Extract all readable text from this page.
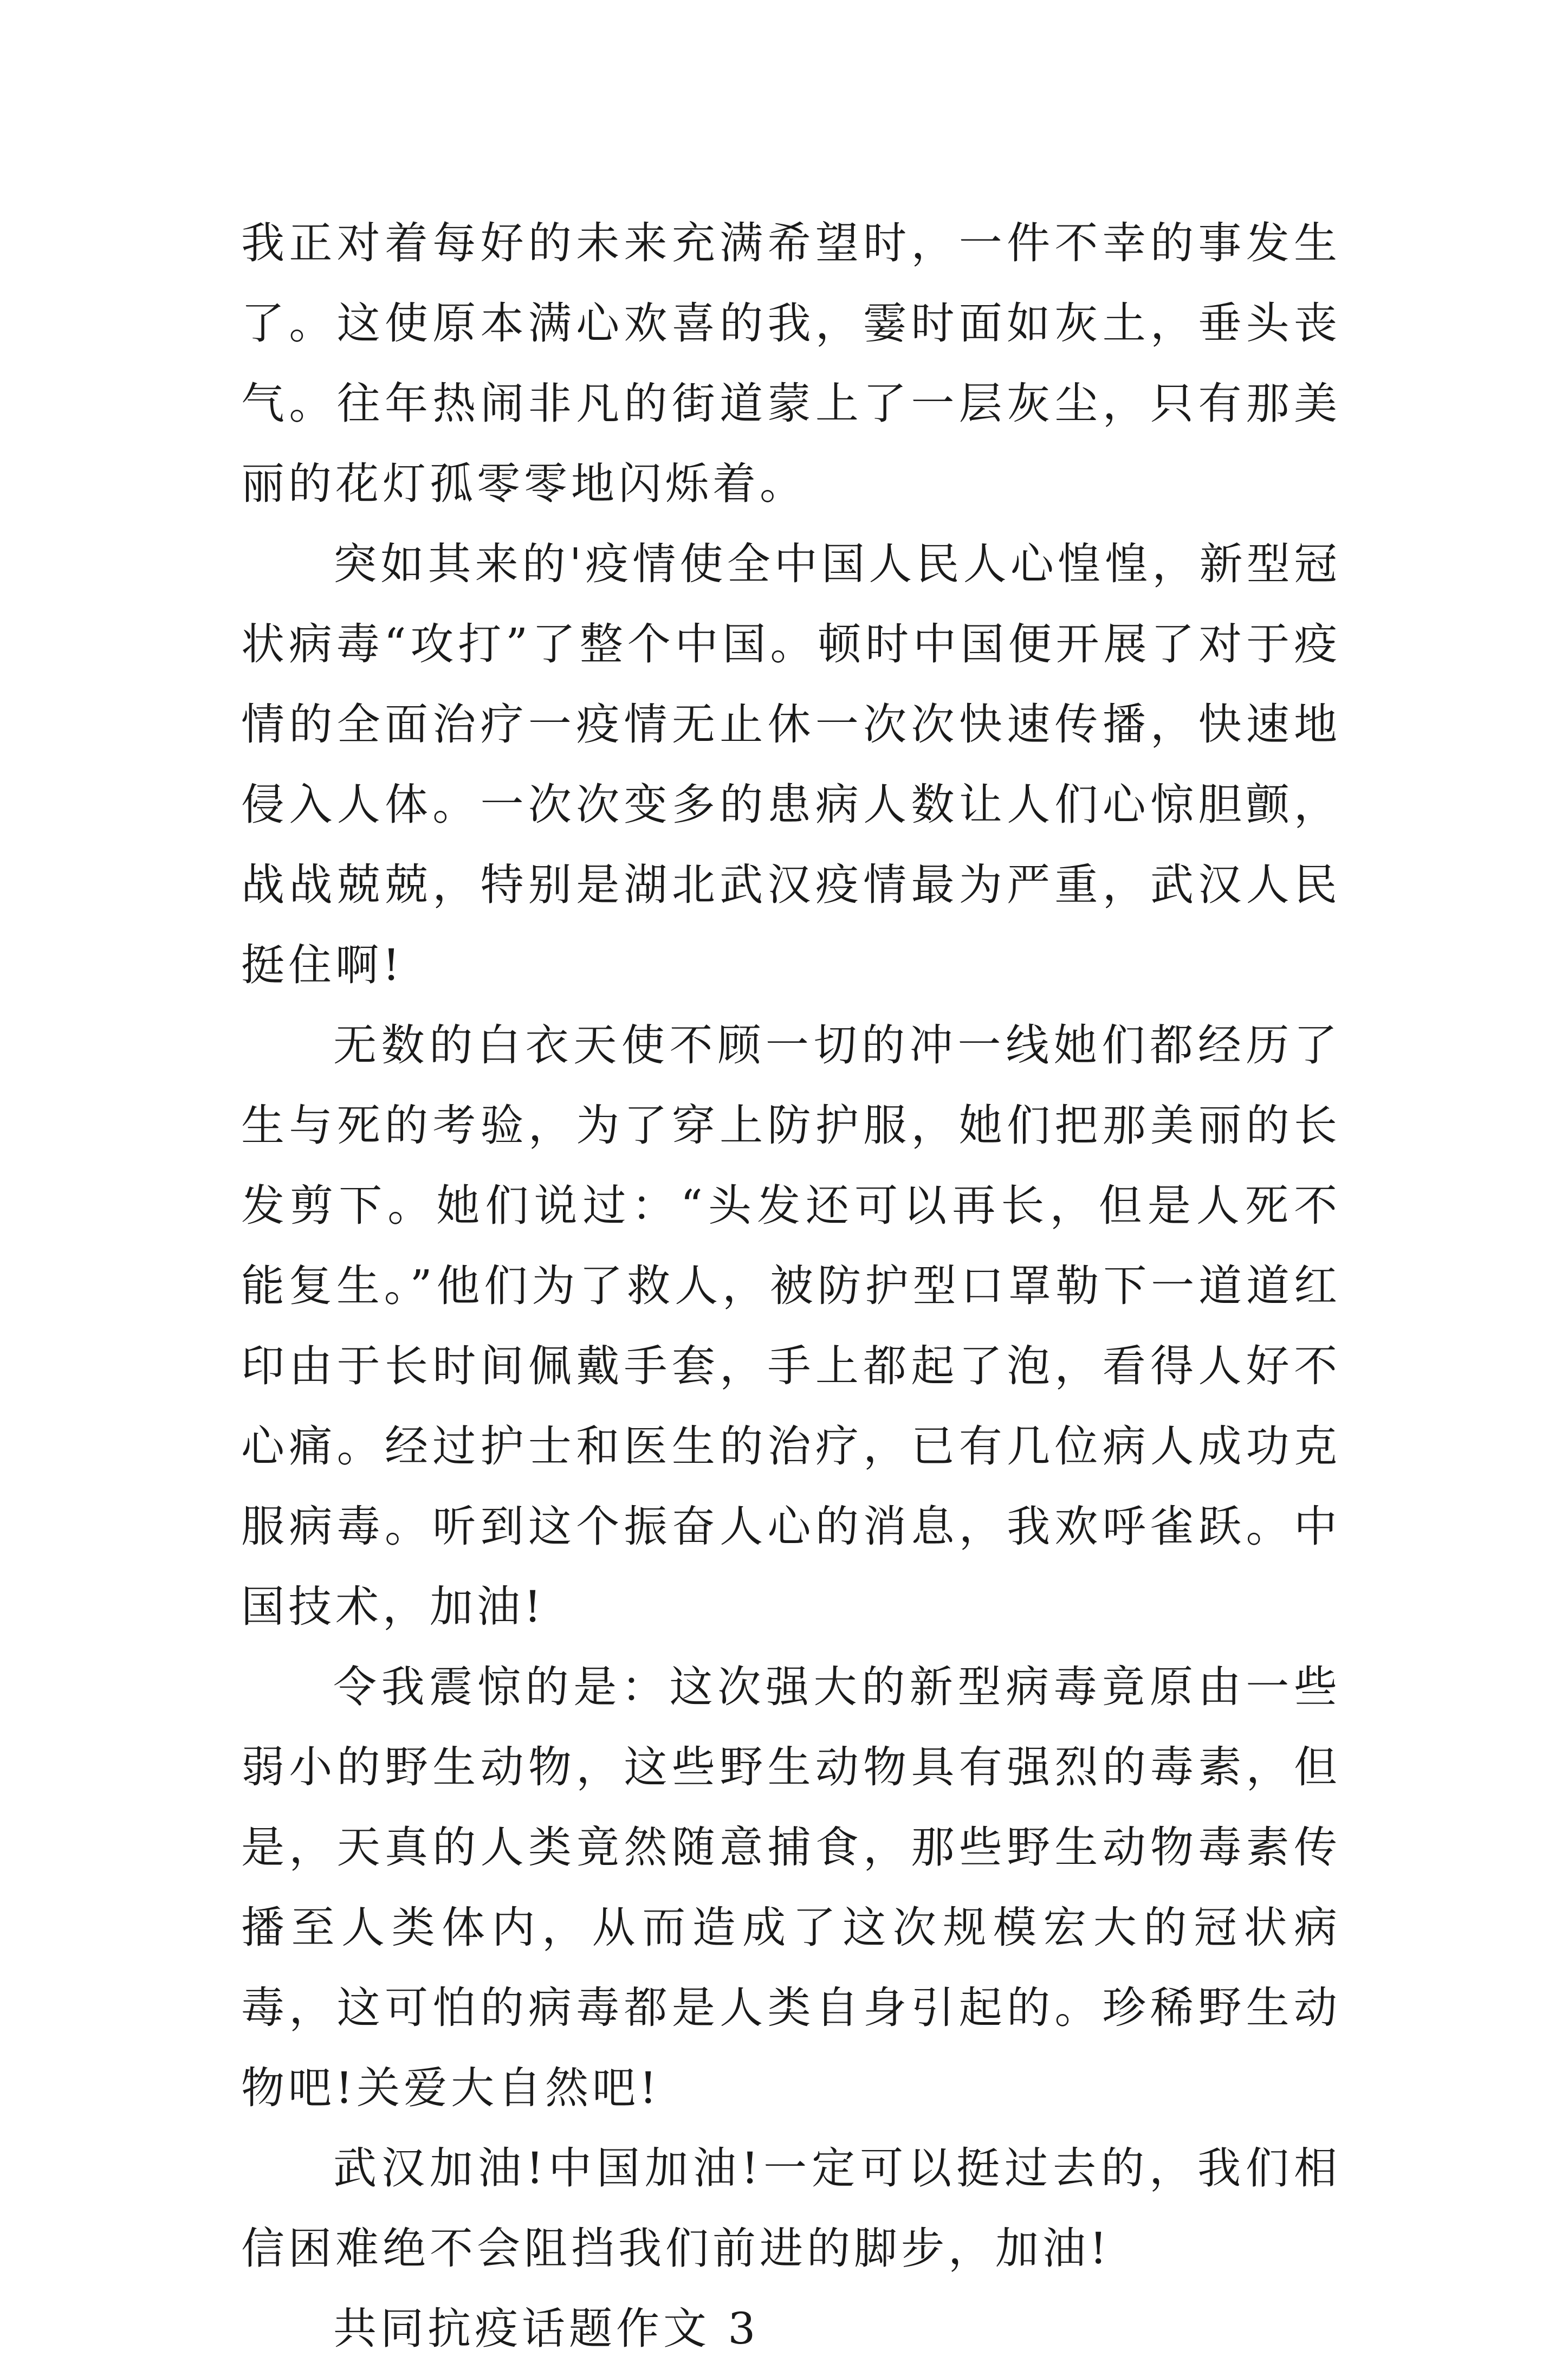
我正对着每好的未来充满希望时，一件不幸的事发生了。这使原本满心欢喜的我，霎时面如灰土，垂头丧气。往年热闹非凡的街道蒙上了一层灰尘，只有那美丽的花灯孤零零地闪烁着。

突如其来的'疫情使全中国人民人心惶惶，新型冠状病毒“攻打”了整个中国。顿时中国便开展了对于疫情的全面治疗一疫情无止休一次次快速传播，快速地侵入人体。一次次变多的患病人数让人们心惊胆颤，战战兢兢，特别是湖北武汉疫情最为严重，武汉人民挺住啊!

无数的白衣天使不顾一切的冲一线她们都经历了生与死的考验，为了穿上防护服，她们把那美丽的长发剪下。她们说过：“头发还可以再长，但是人死不能复生。”他们为了救人，被防护型口罩勒下一道道红印由于长时间佩戴手套，手上都起了泡，看得人好不心痛。经过护士和医生的治疗，已有几位病人成功克服病毒。听到这个振奋人心的消息，我欢呼雀跃。中国技术，加油!

令我震惊的是：这次强大的新型病毒竟原由一些弱小的野生动物，这些野生动物具有强烈的毒素，但是，天真的人类竟然随意捕食，那些野生动物毒素传播至人类体内，从而造成了这次规模宏大的冠状病毒，这可怕的病毒都是人类自身引起的。珍稀野生动物吧!关爱大自然吧!

武汉加油!中国加油!一定可以挺过去的，我们相信困难绝不会阻挡我们前进的脚步，加油!

共同抗疫话题作文 3
